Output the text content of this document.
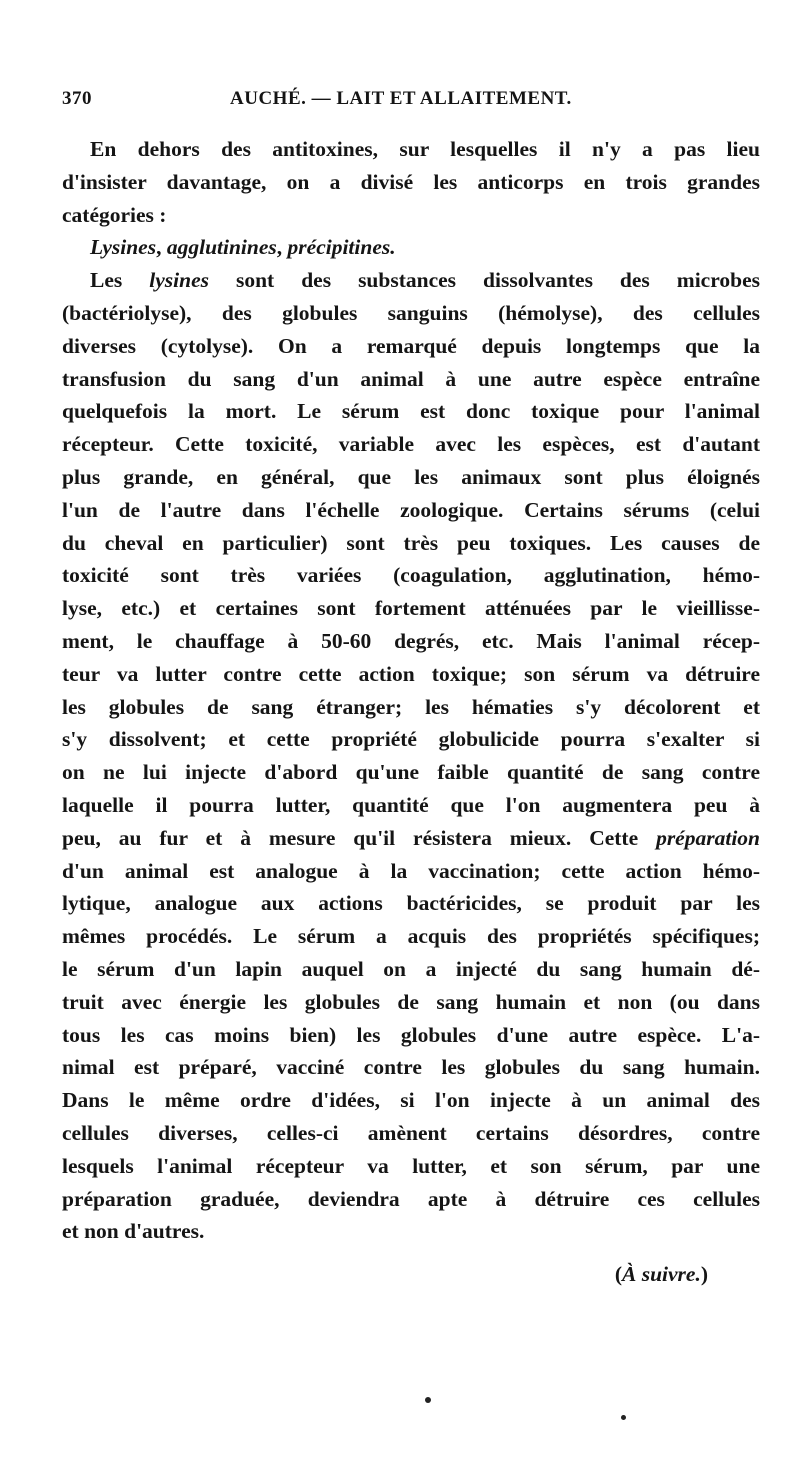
370	AUCHÉ. — LAIT ET ALLAITEMENT.
En dehors des antitoxines, sur lesquelles il n'y a pas lieu
d'insister davantage, on a divisé les anticorps en trois grandes
catégories :
Lysines, agglutinines, précipitines.
Les lysines sont des substances dissolvantes des microbes
(bactériolyse), des globules sanguins (hémolyse), des cellules
diverses (cytolyse). On a remarqué depuis longtemps que la
transfusion du sang d'un animal à une autre espèce entraîne
quelquefois la mort. Le sérum est donc toxique pour l'animal
récepteur. Cette toxicité, variable avec les espèces, est d'autant
plus grande, en général, que les animaux sont plus éloignés
l'un de l'autre dans l'échelle zoologique. Certains sérums (celui
du cheval en particulier) sont très peu toxiques. Les causes de
toxicité sont très variées (coagulation, agglutination, hémo-
lyse, etc.) et certaines sont fortement atténuées par le vieillisse-
ment, le chauffage à 50-60 degrés, etc. Mais l'animal récep-
teur va lutter contre cette action toxique; son sérum va détruire
les globules de sang étranger; les hématies s'y décolorent et
s'y dissolvent; et cette propriété globulicide pourra s'exalter si
on ne lui injecte d'abord qu'une faible quantité de sang contre
laquelle il pourra lutter, quantité que l'on augmentera peu à
peu, au fur et à mesure qu'il résistera mieux. Cette préparation
d'un animal est analogue à la vaccination; cette action hémo-
lytique, analogue aux actions bactéricides, se produit par les
mêmes procédés. Le sérum a acquis des propriétés spécifiques;
le sérum d'un lapin auquel on a injecté du sang humain dé-
truit avec énergie les globules de sang humain et non (ou dans
tous les cas moins bien) les globules d'une autre espèce. L'a-
nimal est préparé, vacciné contre les globules du sang humain.
Dans le même ordre d'idées, si l'on injecte à un animal des
cellules diverses, celles-ci amènent certains désordres, contre
lesquels l'animal récepteur va lutter, et son sérum, par une
préparation graduée, deviendra apte à détruire ces cellules
et non d'autres.
(À suivre.)
